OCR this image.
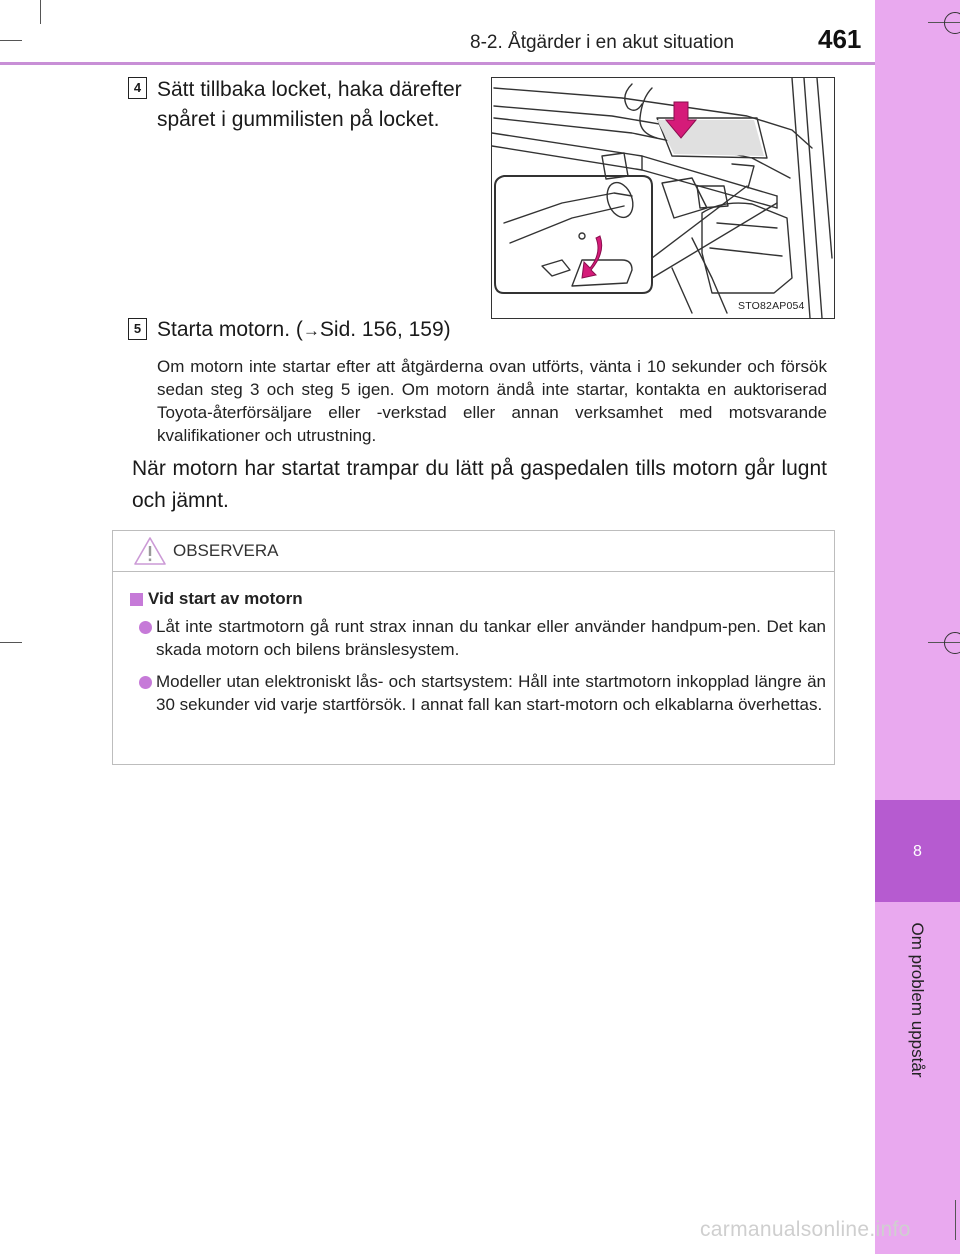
8-2. Åtgärder i en akut situation	461
8
Om problem uppstår
4 Sätt tillbaka locket, haka därefter spåret i gummilisten på locket.
STO82AP054
5 Starta motorn. (→Sid. 156, 159)
Om motorn inte startar efter att åtgärderna ovan utförts, vänta i 10 sekunder och försök sedan steg 3 och steg 5 igen. Om motorn ändå inte startar, kontakta en auktoriserad Toyota-återförsäljare eller -verkstad eller annan verksamhet med motsvarande kvalifikationer och utrustning.
När motorn har startat trampar du lätt på gaspedalen tills motorn går lugnt och jämnt.
OBSERVERA
Vid start av motorn
Låt inte startmotorn gå runt strax innan du tankar eller använder handpum-pen. Det kan skada motorn och bilens bränslesystem.
Modeller utan elektroniskt lås- och startsystem: Håll inte startmotorn inkopplad längre än 30 sekunder vid varje startförsök. I annat fall kan start-motorn och elkablarna överhettas.
carmanualsonline.info
